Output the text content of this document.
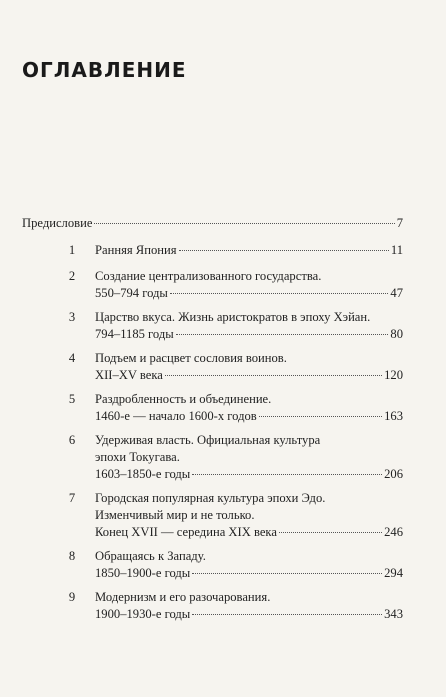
ОГЛАВЛЕНИЕ
Предисловие	7
1 Ранняя Япония	11
2 Создание централизованного государства.
550–794 годы	47
3 Царство вкуса. Жизнь аристократов в эпоху Хэйан.
794–1185 годы	80
4 Подъем и расцвет сословия воинов.
XII–XV века	120
5 Раздробленность и объединение.
1460-е — начало 1600-х годов	163
6 Удерживая власть. Официальная культура
эпохи Токугава.
1603–1850-е годы	206
7 Городская популярная культура эпохи Эдо.
Изменчивый мир и не только.
Конец XVII — середина XIX века	246
8 Обращаясь к Западу.
1850–1900-е годы	294
9 Модернизм и его разочарования.
1900–1930-е годы	343
